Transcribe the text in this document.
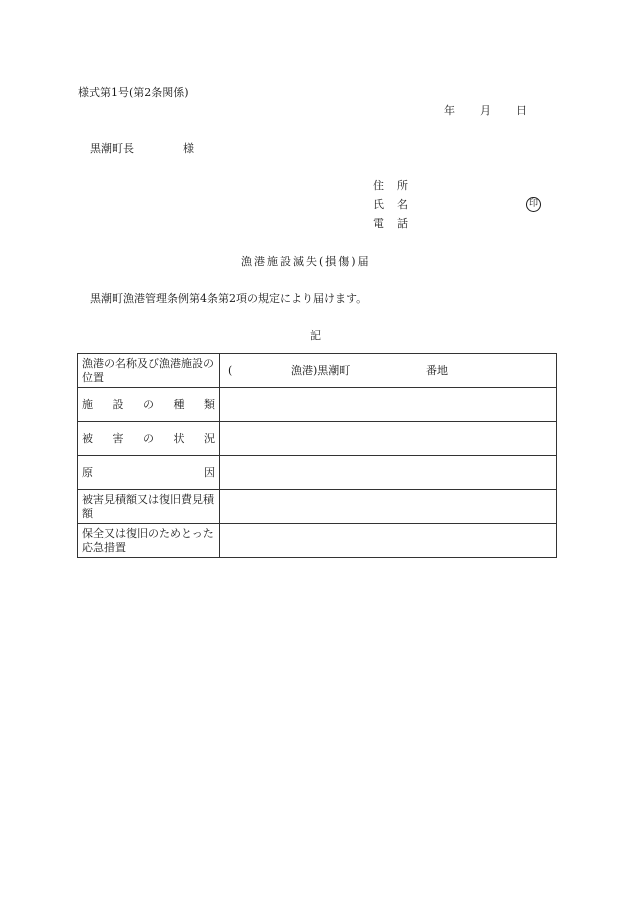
様式第1号(第2条関係)
年 月 日
黒潮町長	様
住 所
氏 名	印
電 話
漁港施設滅失(損傷)届
黒潮町漁港管理条例第4条第2項の規定により届けます。
記
漁港の名称及び漁港施設の位置	( 漁港)黒潮町 番地

施 設 の 種 類	

被 害 の 状 況	

原 因	

被害見積額又は復旧費見積額	
保全又は復旧のためとった応急措置	
